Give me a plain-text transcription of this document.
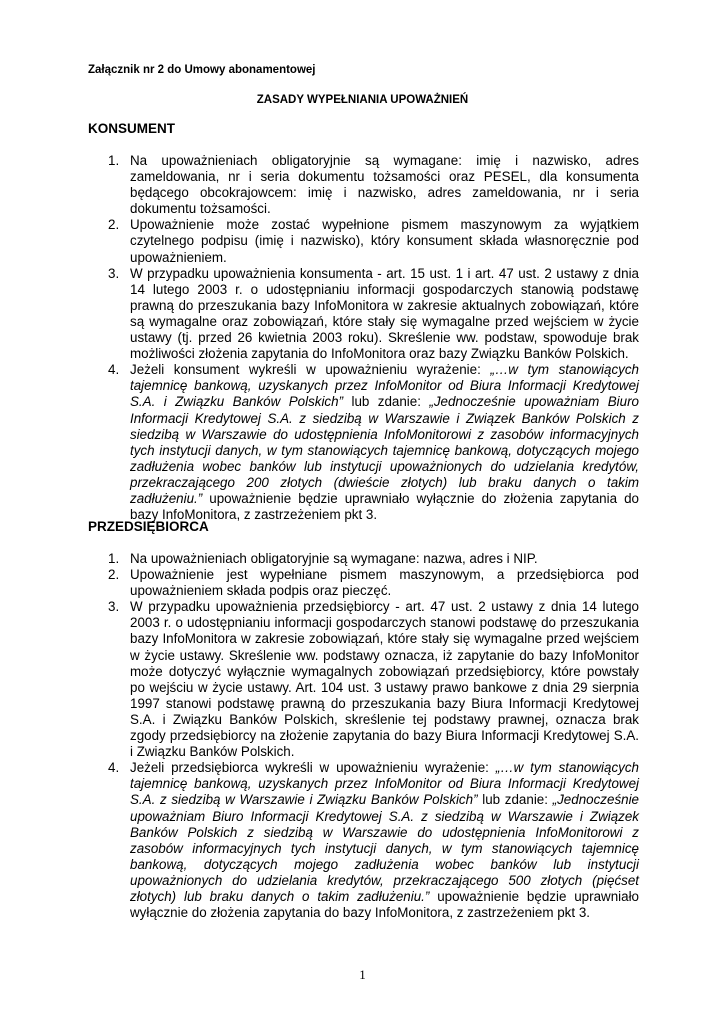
Załącznik nr 2 do Umowy abonamentowej
ZASADY WYPEŁNIANIA UPOWAŻNIEŃ
KONSUMENT
1. Na upoważnieniach obligatoryjnie są wymagane: imię i nazwisko, adres zameldowania, nr i seria dokumentu tożsamości oraz PESEL, dla konsumenta będącego obcokrajowcem: imię i nazwisko, adres zameldowania, nr i seria dokumentu tożsamości.
2. Upoważnienie może zostać wypełnione pismem maszynowym za wyjątkiem czytelnego podpisu (imię i nazwisko), który konsument składa własnoręcznie pod upoważnieniem.
3. W przypadku upoważnienia konsumenta - art. 15 ust. 1 i art. 47 ust. 2 ustawy z dnia 14 lutego 2003 r. o udostępnianiu informacji gospodarczych stanowią podstawę prawną do przeszukania bazy InfoMonitora w zakresie aktualnych zobowiązań, które są wymagalne oraz zobowiązań, które stały się wymagalne przed wejściem w życie ustawy (tj. przed 26 kwietnia 2003 roku). Skreślenie ww. podstaw, spowoduje brak możliwości złożenia zapytania do InfoMonitora oraz bazy Związku Banków Polskich.
4. Jeżeli konsument wykreśli w upoważnieniu wyrażenie: „…w tym stanowiących tajemnicę bankową, uzyskanych przez InfoMonitor od Biura Informacji Kredytowej S.A. i Związku Banków Polskich” lub zdanie: „Jednocześnie upoważniam Biuro Informacji Kredytowej S.A. z siedzibą w Warszawie i Związek Banków Polskich z siedzibą w Warszawie do udostępnienia InfoMonitorowi z zasobów informacyjnych tych instytucji danych, w tym stanowiących tajemnicę bankową, dotyczących mojego zadłużenia wobec banków lub instytucji upoważnionych do udzielania kredytów, przekraczającego 200 złotych (dwieście złotych) lub braku danych o takim zadłużeniu.” upoważnienie będzie uprawniało wyłącznie do złożenia zapytania do bazy InfoMonitora, z zastrzeżeniem pkt 3.
PRZEDSIĘBIORCA
1. Na upoważnieniach obligatoryjnie są wymagane: nazwa, adres i NIP.
2. Upoważnienie jest wypełniane pismem maszynowym, a przedsiębiorca pod upoważnieniem składa podpis oraz pieczęć.
3. W przypadku upoważnienia przedsiębiorcy - art. 47 ust. 2 ustawy z dnia 14 lutego 2003 r. o udostępnianiu informacji gospodarczych stanowi podstawę do przeszukania bazy InfoMonitora w zakresie zobowiązań, które stały się wymagalne przed wejściem w życie ustawy. Skreślenie ww. podstawy oznacza, iż zapytanie do bazy InfoMonitor może dotyczyć wyłącznie wymagalnych zobowiązań przedsiębiorcy, które powstały po wejściu w życie ustawy. Art. 104 ust. 3 ustawy prawo bankowe z dnia 29 sierpnia 1997 stanowi podstawę prawną do przeszukania bazy Biura Informacji Kredytowej S.A. i Związku Banków Polskich, skreślenie tej podstawy prawnej, oznacza brak zgody przedsiębiorcy na złożenie zapytania do bazy Biura Informacji Kredytowej S.A. i Związku Banków Polskich.
4. Jeżeli przedsiębiorca wykreśli w upoważnieniu wyrażenie: „…w tym stanowiących tajemnicę bankową, uzyskanych przez InfoMonitor od Biura Informacji Kredytowej S.A. z siedzibą w Warszawie i Związku Banków Polskich” lub zdanie: „Jednocześnie upoważniam Biuro Informacji Kredytowej S.A. z siedzibą w Warszawie i Związek Banków Polskich z siedzibą w Warszawie do udostępnienia InfoMonitorowi z zasobów informacyjnych tych instytucji danych, w tym stanowiących tajemnicę bankową, dotyczących mojego zadłużenia wobec banków lub instytucji upoważnionych do udzielania kredytów, przekraczającego 500 złotych (pięćset złotych) lub braku danych o takim zadłużeniu.” upoważnienie będzie uprawniało wyłącznie do złożenia zapytania do bazy InfoMonitora, z zastrzeżeniem pkt 3.
1
